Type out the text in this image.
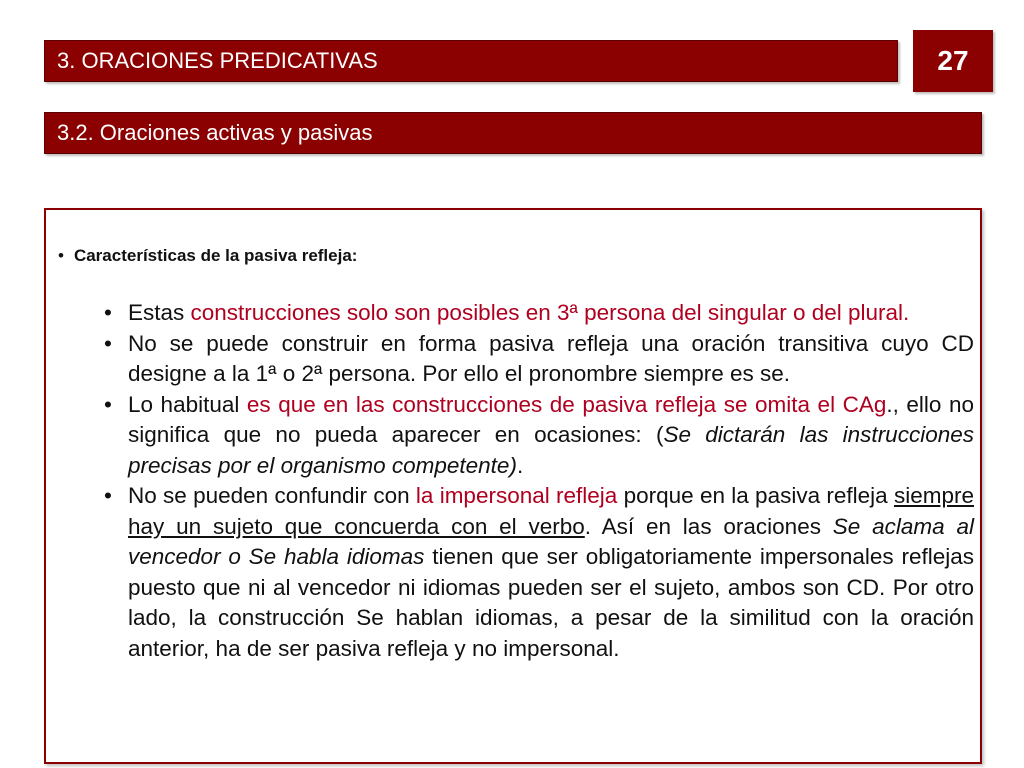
3. ORACIONES PREDICATIVAS	27
3.2. Oraciones activas y pasivas
• Características de la pasiva refleja:
• Estas construcciones solo son posibles en 3ª persona del singular o del plural.
• No se puede construir en forma pasiva refleja una oración transitiva cuyo CD designe a la 1ª o 2ª persona. Por ello el pronombre siempre es se.
• Lo habitual es que en las construcciones de pasiva refleja se omita el CAg., ello no significa que no pueda aparecer en ocasiones: (Se dictarán las instrucciones precisas por el organismo competente).
• No se pueden confundir con la impersonal refleja porque en la pasiva refleja siempre hay un sujeto que concuerda con el verbo. Así en las oraciones Se aclama al vencedor o Se habla idiomas tienen que ser obligatoriamente impersonales reflejas puesto que ni al vencedor ni idiomas pueden ser el sujeto, ambos son CD. Por otro lado, la construcción Se hablan idiomas, a pesar de la similitud con la oración anterior, ha de ser pasiva refleja y no impersonal.
